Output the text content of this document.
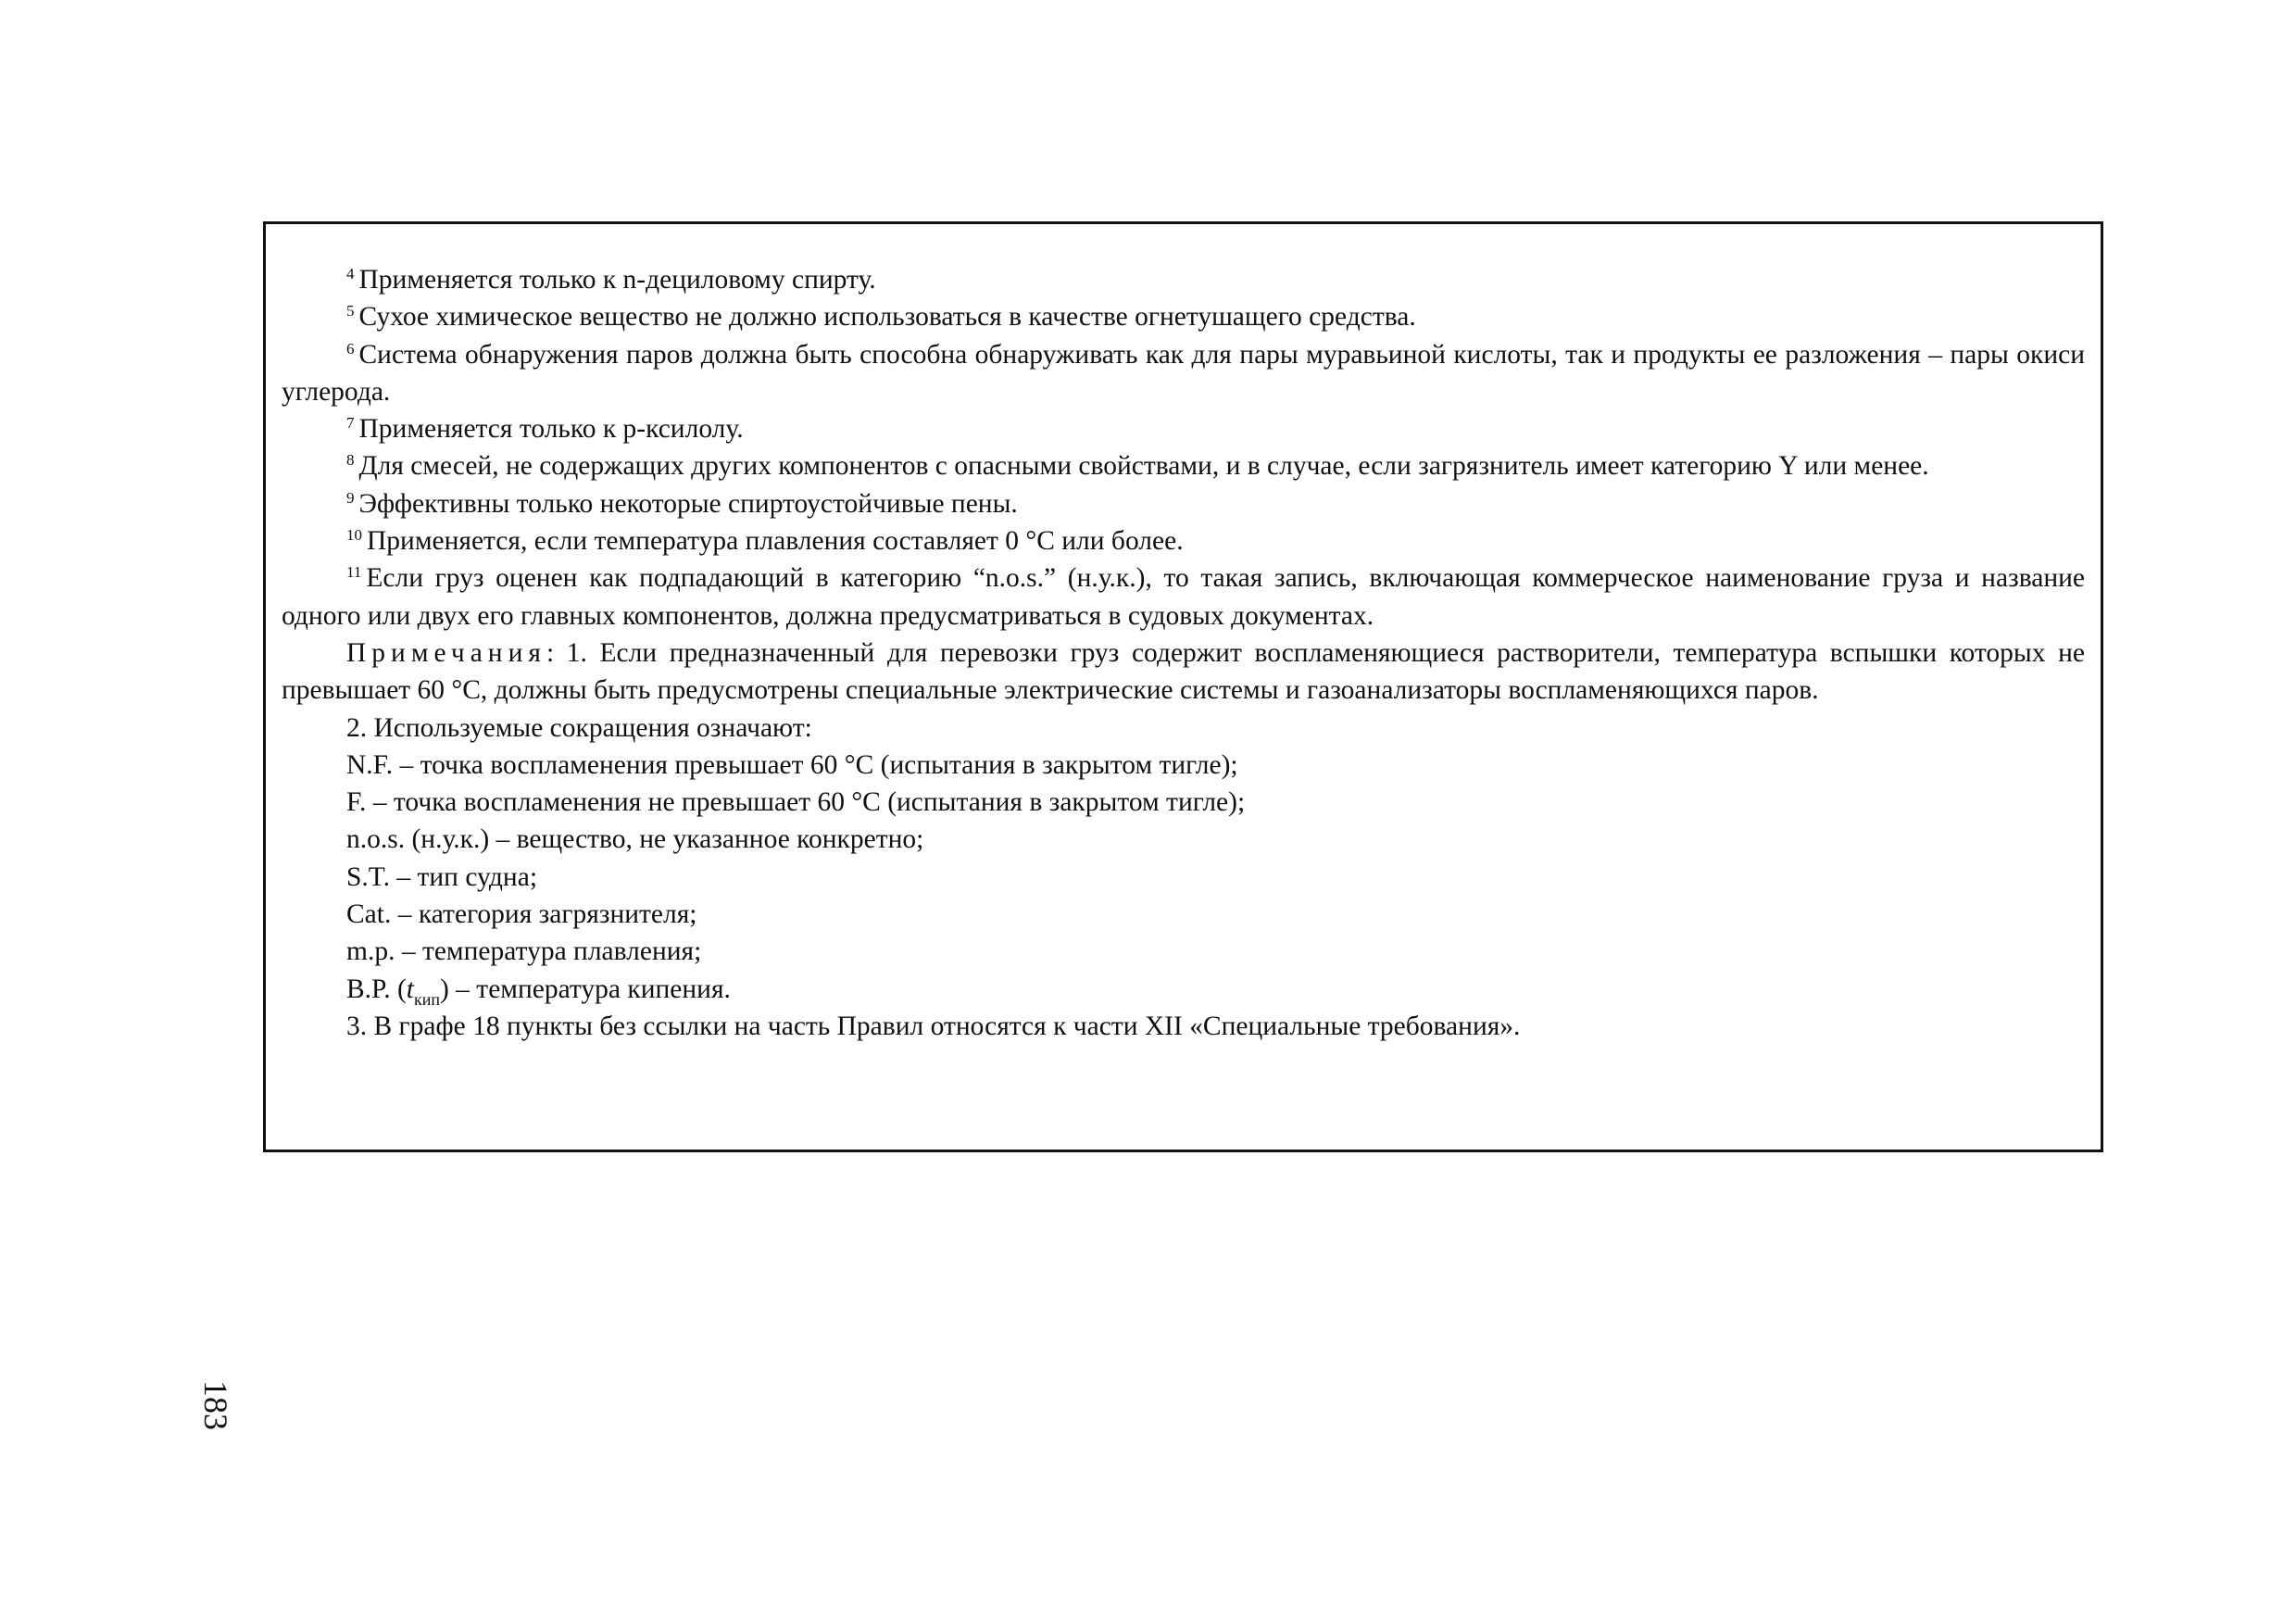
$^4$ Применяется только к n-дециловому спирту.

$^5$ Сухое химическое вещество не должно использоваться в качестве огнетушащего средства.

$^6$ Система обнаружения паров должна быть способна обнаруживать как для пары муравьиной кислоты, так и продукты ее разложения – пары окиси углерода.

$^7$ Применяется только к p-ксилолу.

$^8$ Для смесей, не содержащих других компонентов с опасными свойствами, и в случае, если загрязнитель имеет категорию Y или менее.

$^9$ Эффективны только некоторые спиртоустойчивые пены.

$^{10}$ Применяется, если температура плавления составляет 0 °С или более.

$^{11}$ Если груз оценен как подпадающий в категорию “n.o.s.” (н.у.к.), то такая запись, включающая коммерческое наименование груза и название одного или двух его главных компонентов, должна предусматриваться в судовых документах.

Примечания: 1. Если предназначенный для перевозки груз содержит воспламеняющиеся растворители, температура вспышки которых не превышает 60 °С, должны быть предусмотрены специальные электрические системы и газоанализаторы воспламеняющихся паров.

2. Используемые сокращения означают:

N.F. – точка воспламенения превышает 60 °С (испытания в закрытом тигле);

F. – точка воспламенения не превышает 60 °С (испытания в закрытом тигле);

n.o.s. (н.у.к.) – вещество, не указанное конкретно;

S.T. – тип судна;

Cat. – категория загрязнителя;

m.p. – температура плавления;

B.P. $(t_{кип})$ – температура кипения.

3. В графе 18 пункты без ссылки на часть Правил относятся к части XII «Специальные требования».

183
